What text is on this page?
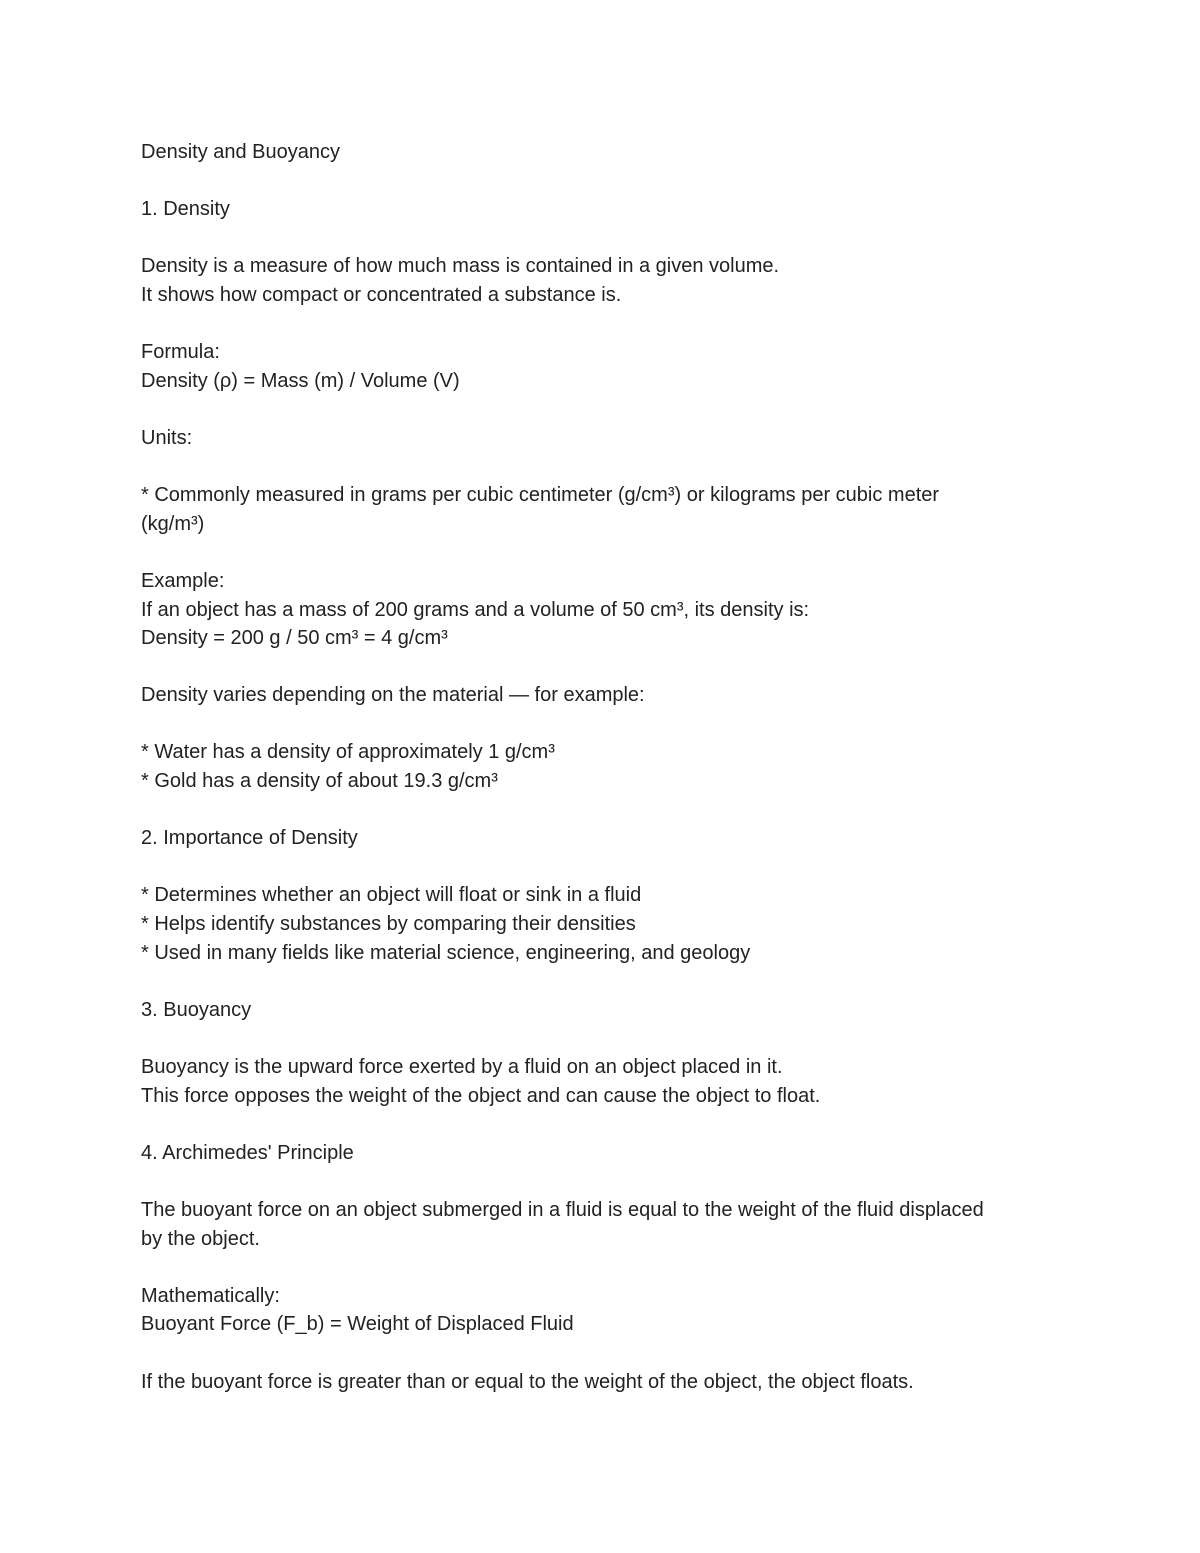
Density and Buoyancy
1. Density
Density is a measure of how much mass is contained in a given volume.
It shows how compact or concentrated a substance is.
Formula:
Density (ρ) = Mass (m) / Volume (V)
Units:
* Commonly measured in grams per cubic centimeter (g/cm³) or kilograms per cubic meter
(kg/m³)
Example:
If an object has a mass of 200 grams and a volume of 50 cm³, its density is:
Density = 200 g / 50 cm³ = 4 g/cm³
Density varies depending on the material — for example:
* Water has a density of approximately 1 g/cm³
* Gold has a density of about 19.3 g/cm³
2. Importance of Density
* Determines whether an object will float or sink in a fluid
* Helps identify substances by comparing their densities
* Used in many fields like material science, engineering, and geology
3. Buoyancy
Buoyancy is the upward force exerted by a fluid on an object placed in it.
This force opposes the weight of the object and can cause the object to float.
4. Archimedes' Principle
The buoyant force on an object submerged in a fluid is equal to the weight of the fluid displaced
by the object.
Mathematically:
Buoyant Force (F_b) = Weight of Displaced Fluid
If the buoyant force is greater than or equal to the weight of the object, the object floats.
